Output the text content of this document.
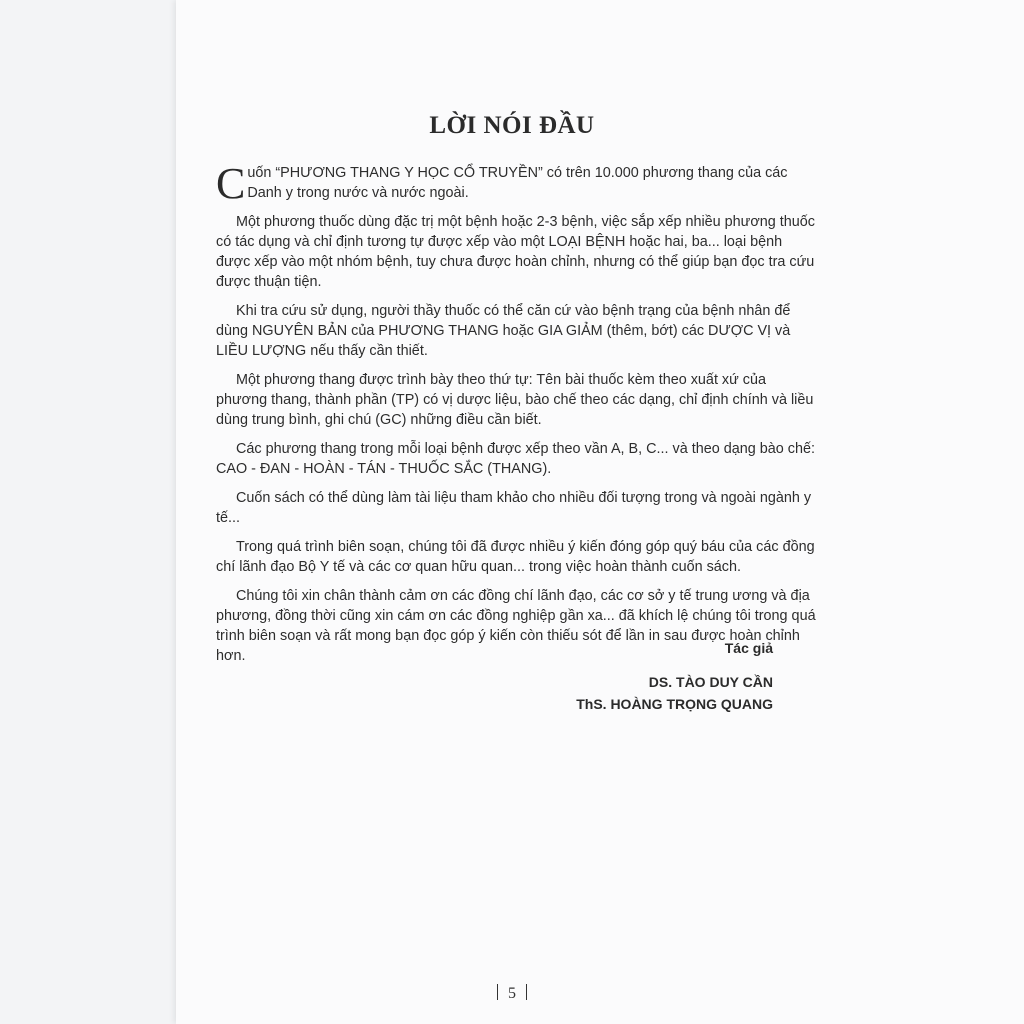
LỜI NÓI ĐẦU

Cuốn “PHƯƠNG THANG Y HỌC CỔ TRUYỀN” có trên 10.000 phương thang của các Danh y trong nước và nước ngoài.

Một phương thuốc dùng đặc trị một bệnh hoặc 2-3 bệnh, việc sắp xếp nhiều phương thuốc có tác dụng và chỉ định tương tự được xếp vào một LOẠI BỆNH hoặc hai, ba... loại bệnh được xếp vào một nhóm bệnh, tuy chưa được hoàn chỉnh, nhưng có thể giúp bạn đọc tra cứu được thuận tiện.

Khi tra cứu sử dụng, người thầy thuốc có thể căn cứ vào bệnh trạng của bệnh nhân để dùng NGUYÊN BẢN của PHƯƠNG THANG hoặc GIA GIẢM (thêm, bớt) các DƯỢC VỊ và LIỀU LƯỢNG nếu thấy cần thiết.

Một phương thang được trình bày theo thứ tự: Tên bài thuốc kèm theo xuất xứ của phương thang, thành phần (TP) có vị dược liệu, bào chế theo các dạng, chỉ định chính và liều dùng trung bình, ghi chú (GC) những điều cần biết.

Các phương thang trong mỗi loại bệnh được xếp theo vần A, B, C... và theo dạng bào chế: CAO - ĐAN - HOÀN - TÁN - THUỐC SẮC (THANG).

Cuốn sách có thể dùng làm tài liệu tham khảo cho nhiều đối tượng trong và ngoài ngành y tế...

Trong quá trình biên soạn, chúng tôi đã được nhiều ý kiến đóng góp quý báu của các đồng chí lãnh đạo Bộ Y tế và các cơ quan hữu quan... trong việc hoàn thành cuốn sách.

Chúng tôi xin chân thành cảm ơn các đồng chí lãnh đạo, các cơ sở y tế trung ương và địa phương, đồng thời cũng xin cám ơn các đồng nghiệp gần xa... đã khích lệ chúng tôi trong quá trình biên soạn và rất mong bạn đọc góp ý kiến còn thiếu sót để lần in sau được hoàn chỉnh hơn.	Tác giả
DS. TÀO DUY CẦN
ThS. HOÀNG TRỌNG QUANG
5
